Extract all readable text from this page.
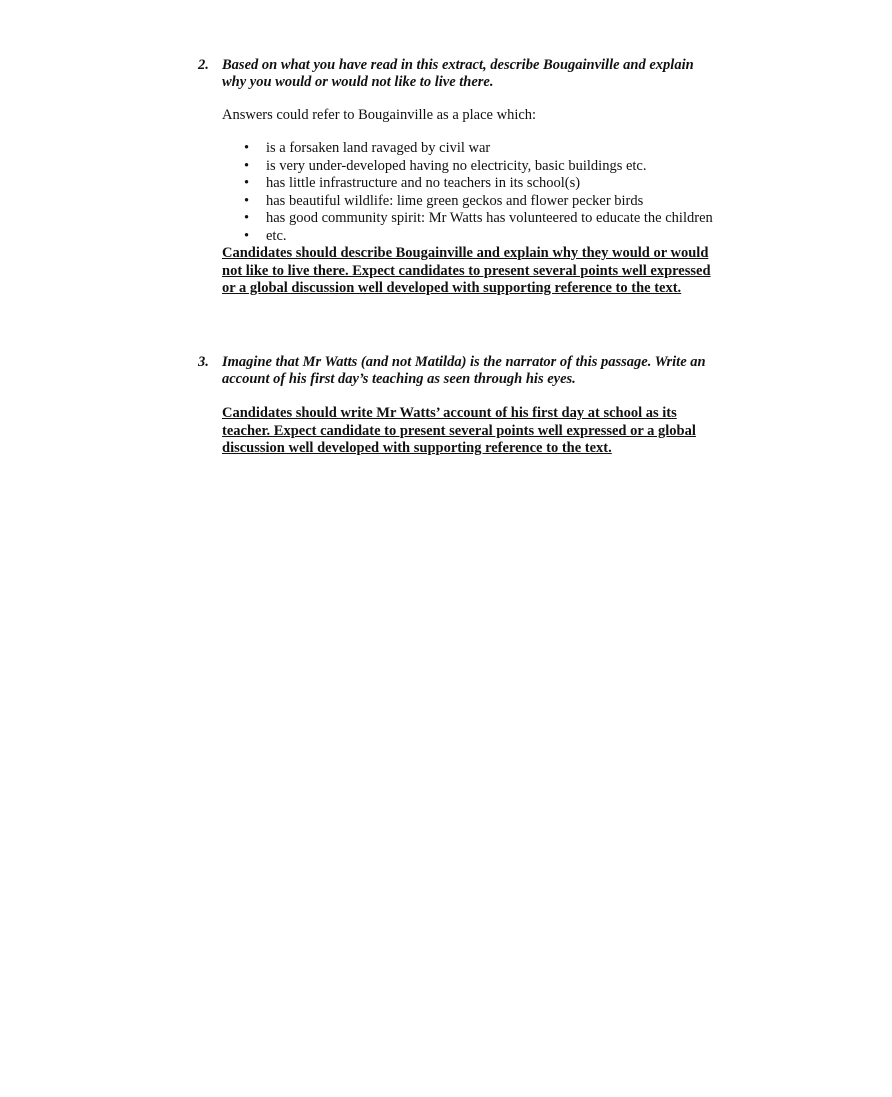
2. Based on what you have read in this extract, describe Bougainville and explain why you would or would not like to live there.
Answers could refer to Bougainville as a place which:
• is a forsaken land ravaged by civil war
• is very under-developed having no electricity, basic buildings etc.
• has little infrastructure and no teachers in its school(s)
• has beautiful wildlife: lime green geckos and flower pecker birds
• has good community spirit: Mr Watts has volunteered to educate the children
• etc.
Candidates should describe Bougainville and explain why they would or would not like to live there. Expect candidates to present several points well expressed or a global discussion well developed with supporting reference to the text.
3. Imagine that Mr Watts (and not Matilda) is the narrator of this passage. Write an account of his first day’s teaching as seen through his eyes.
Candidates should write Mr Watts’ account of his first day at school as its teacher. Expect candidate to present several points well expressed or a global discussion well developed with supporting reference to the text.
